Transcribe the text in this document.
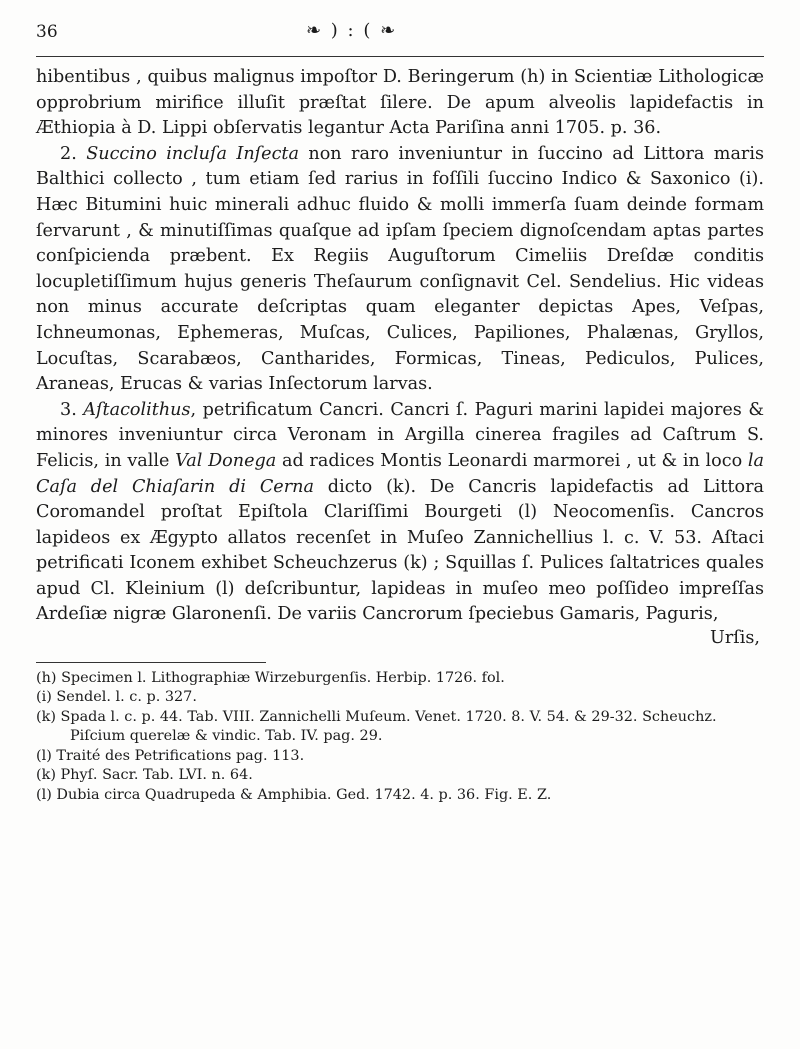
36	❧ ) : ( ❧

hibentibus , quibus malignus impoſtor D. Beringerum (h) in Scientiæ Lithologicæ opprobrium mirifice illuſit præſtat ſilere. De apum alveolis lapidefactis in Æthiopia à D. Lippi obſervatis legantur Acta Pariſina anni 1705. p. 36.

2. Succino incluſa Inſecta non raro inveniuntur in ſuccino ad Littora maris Balthici collecto , tum etiam ſed rarius in foſſili ſuccino Indico & Saxonico (i). Hæc Bitumini huic minerali adhuc fluido & molli immerſa ſuam deinde formam ſervarunt , & minutiſſimas quaſque ad ipſam ſpeciem dignoſcendam aptas partes conſpicienda præbent. Ex Regiis Auguſtorum Cimeliis Dreſdæ conditis locupletiſſimum hujus generis Theſaurum conſignavit Cel. Sendelius. Hic videas non minus accurate deſcriptas quam eleganter depictas Apes, Veſpas, Ichneumonas, Ephemeras, Muſcas, Culices, Papiliones, Phalænas, Gryllos, Locuſtas, Scarabæos, Cantharides, Formicas, Tineas, Pediculos, Pulices, Araneas, Erucas & varias Inſectorum larvas.

3. Aſtacolithus, petrificatum Cancri. Cancri ſ. Paguri marini lapidei majores & minores inveniuntur circa Veronam in Argilla cinerea fragiles ad Caſtrum S. Felicis, in valle Val Donega ad radices Montis Leonardi marmorei , ut & in loco la Caſa del Chiaſarin di Cerna dicto (k). De Cancris lapidefactis ad Littora Coromandel proſtat Epiſtola Clariſſimi Bourgeti (l) Neocomenſis. Cancros lapideos ex Ægypto allatos recenſet in Muſeo Zannichellius l. c. V. 53. Aſtaci petrificati Iconem exhibet Scheuchzerus (k) ; Squillas ſ. Pulices ſaltatrices quales apud Cl. Kleinium (l) deſcribuntur, lapideas in muſeo meo poſſideo impreſſas Ardeſiæ nigræ Glaronenſi. De variis Cancrorum ſpeciebus Gamaris, Paguris,

Urſis,

(h) Specimen l. Lithographiæ Wirzeburgenſis. Herbip. 1726. fol.

(i) Sendel. l. c. p. 327.

(k) Spada l. c. p. 44. Tab. VIII. Zannichelli Muſeum. Venet. 1720. 8. V. 54. & 29-32. Scheuchz. Piſcium querelæ & vindic. Tab. IV. pag. 29.

(l) Traité des Petrifications pag. 113.

(k) Phyſ. Sacr. Tab. LVI. n. 64.

(l) Dubia circa Quadrupeda & Amphibia. Ged. 1742. 4. p. 36. Fig. E. Z.
